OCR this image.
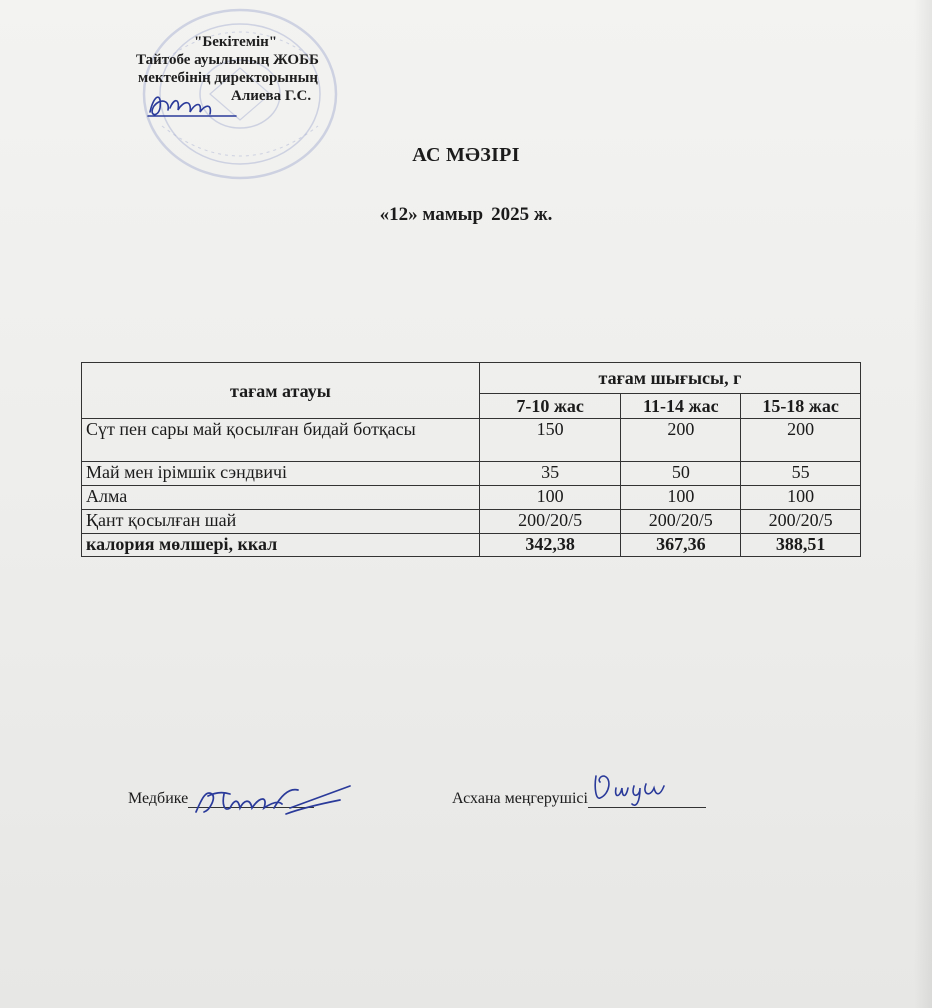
"Бекітемін"
Тайтобе ауылының ЖОББ
мектебінің директорының
Алиева Г.С.
АС МӘЗІРІ
«12» мамыр 2025 ж.
тағам атауы	тағам шығысы, г		
	7-10 жас	11-14 жас	15-18 жас
Сүт пен сары май қосылған бидай ботқасы	150	200	200
Май мен ірімшік сэндвичі	35	50	55
Алма	100	100	100
Қант қосылған шай	200/20/5	200/20/5	200/20/5
калория мөлшері, ккал	342,38	367,36	388,51
Медбике	Асхана меңгерушісі
